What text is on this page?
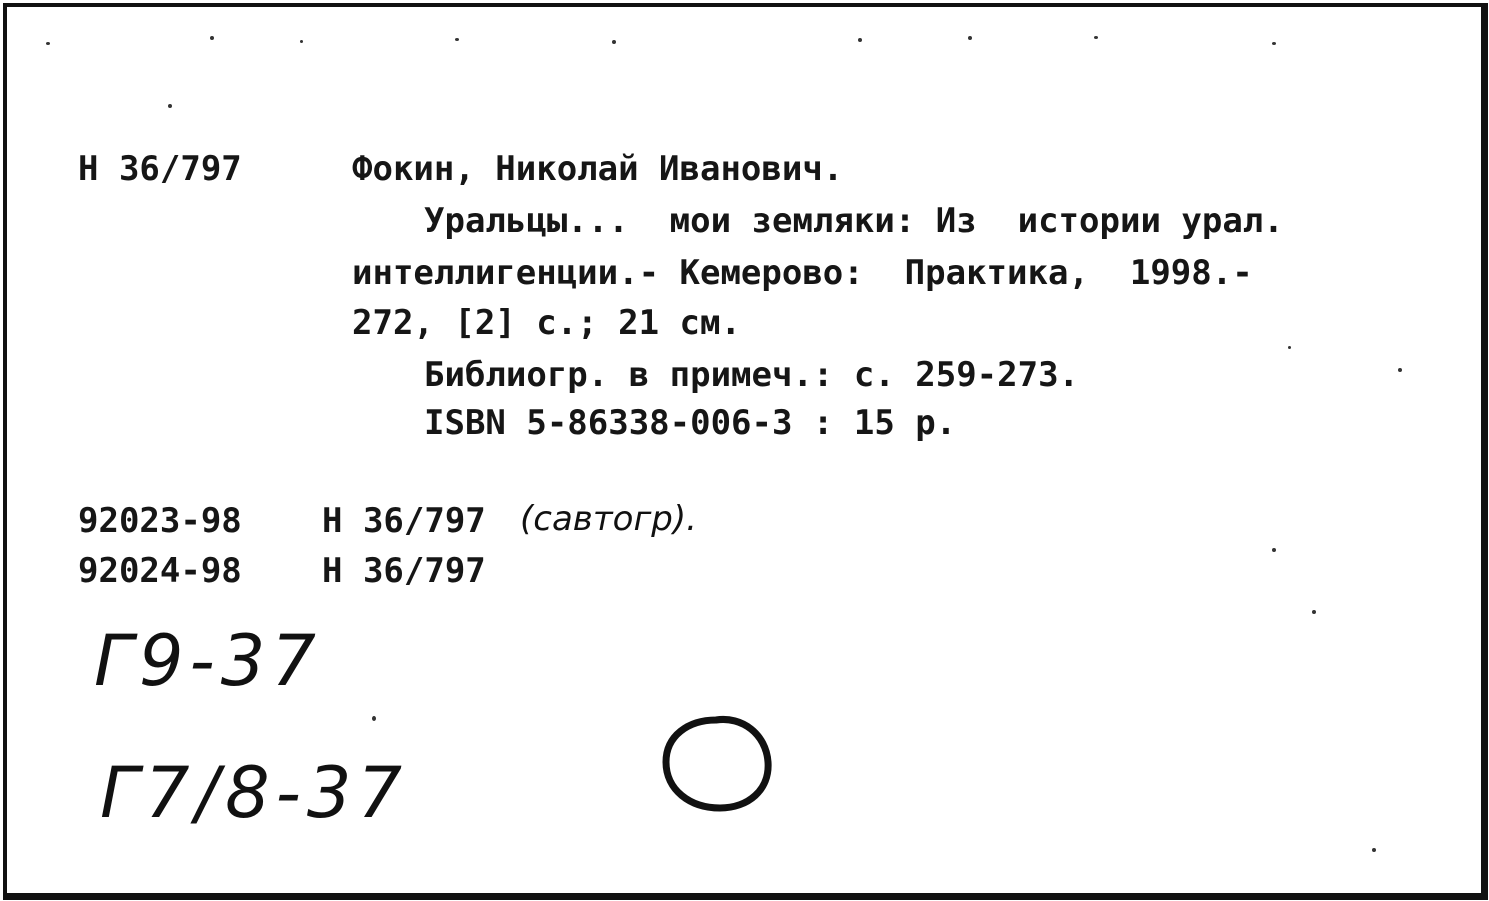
Н 36/797	Фокин, Николай Иванович.
Уральцы...  мои земляки: Из  истории урал.
интеллигенции.- Кемерово:  Практика,  1998.-
272, [2] с.; 21 см.
Библиогр. в примеч.: с. 259-273.
ISBN 5-86338-006-3 : 15 р.
92023-98 Н 36/797 (савтогр).
92024-98 Н 36/797
Г9-37
Г7/8-37
